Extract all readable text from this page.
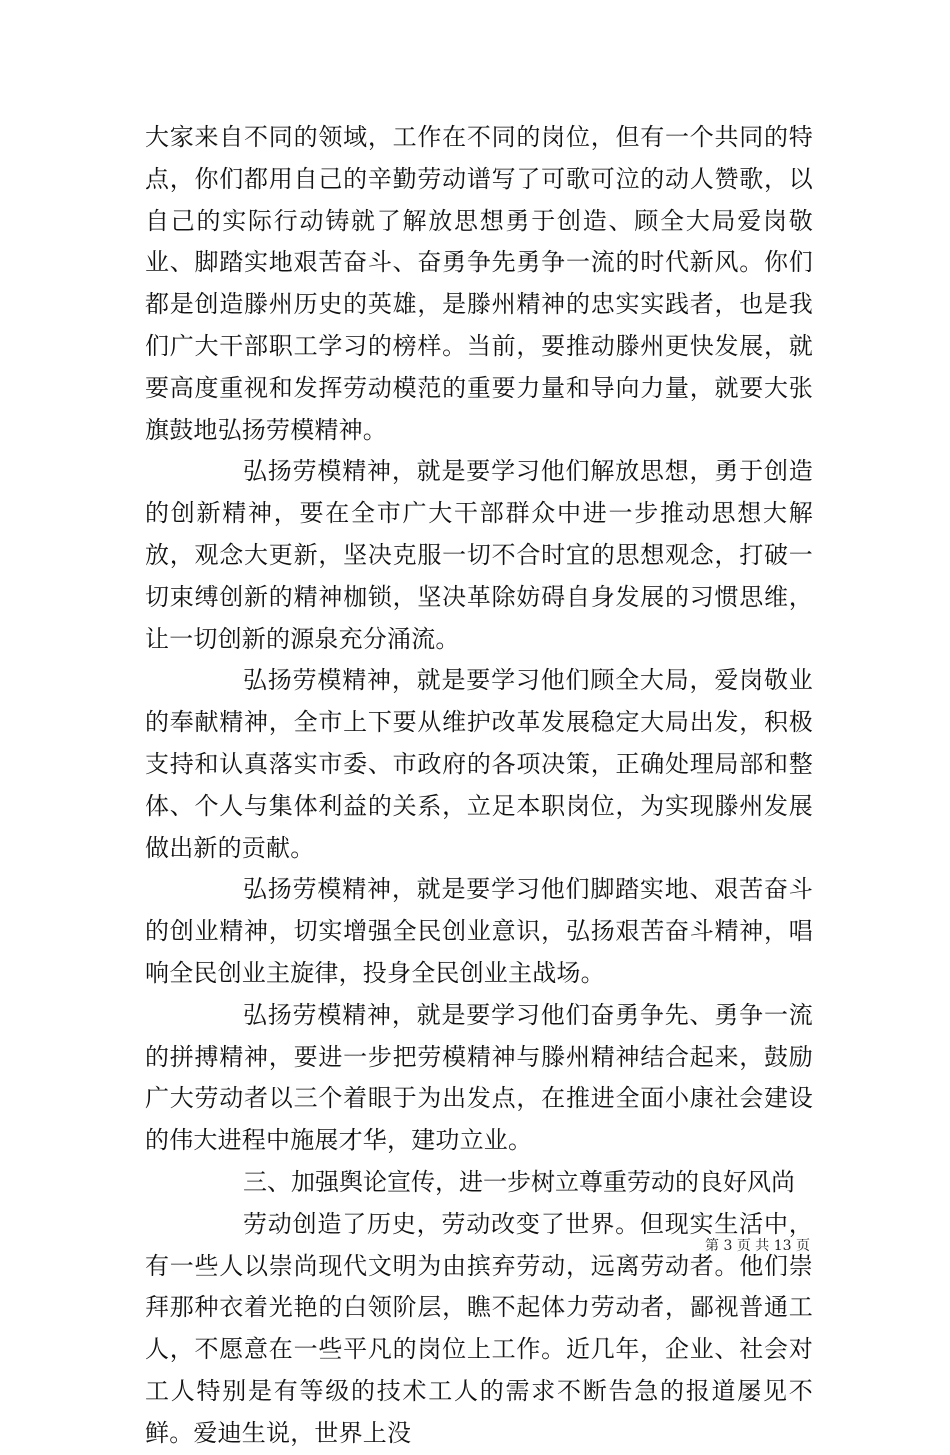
大家来自不同的领域，工作在不同的岗位，但有一个共同的特点，你们都用自己的辛勤劳动谱写了可歌可泣的动人赞歌，以自己的实际行动铸就了解放思想勇于创造、顾全大局爱岗敬业、脚踏实地艰苦奋斗、奋勇争先勇争一流的时代新风。你们都是创造滕州历史的英雄，是滕州精神的忠实实践者，也是我们广大干部职工学习的榜样。当前，要推动滕州更快发展，就要高度重视和发挥劳动模范的重要力量和导向力量，就要大张旗鼓地弘扬劳模精神。

弘扬劳模精神，就是要学习他们解放思想，勇于创造的创新精神，要在全市广大干部群众中进一步推动思想大解放，观念大更新，坚决克服一切不合时宜的思想观念，打破一切束缚创新的精神枷锁，坚决革除妨碍自身发展的习惯思维，让一切创新的源泉充分涌流。

弘扬劳模精神，就是要学习他们顾全大局，爱岗敬业的奉献精神，全市上下要从维护改革发展稳定大局出发，积极支持和认真落实市委、市政府的各项决策，正确处理局部和整体、个人与集体利益的关系，立足本职岗位，为实现滕州发展做出新的贡献。

弘扬劳模精神，就是要学习他们脚踏实地、艰苦奋斗的创业精神，切实增强全民创业意识，弘扬艰苦奋斗精神，唱响全民创业主旋律，投身全民创业主战场。

弘扬劳模精神，就是要学习他们奋勇争先、勇争一流的拼搏精神，要进一步把劳模精神与滕州精神结合起来，鼓励广大劳动者以三个着眼于为出发点，在推进全面小康社会建设的伟大进程中施展才华，建功立业。

三、加强舆论宣传，进一步树立尊重劳动的良好风尚

劳动创造了历史，劳动改变了世界。但现实生活中，有一些人以崇尚现代文明为由摈弃劳动，远离劳动者。他们崇拜那种衣着光艳的白领阶层，瞧不起体力劳动者，鄙视普通工人，不愿意在一些平凡的岗位上工作。近几年，企业、社会对工人特别是有等级的技术工人的需求不断告急的报道屡见不鲜。爱迪生说，世界上没

第 3 页 共 13 页
